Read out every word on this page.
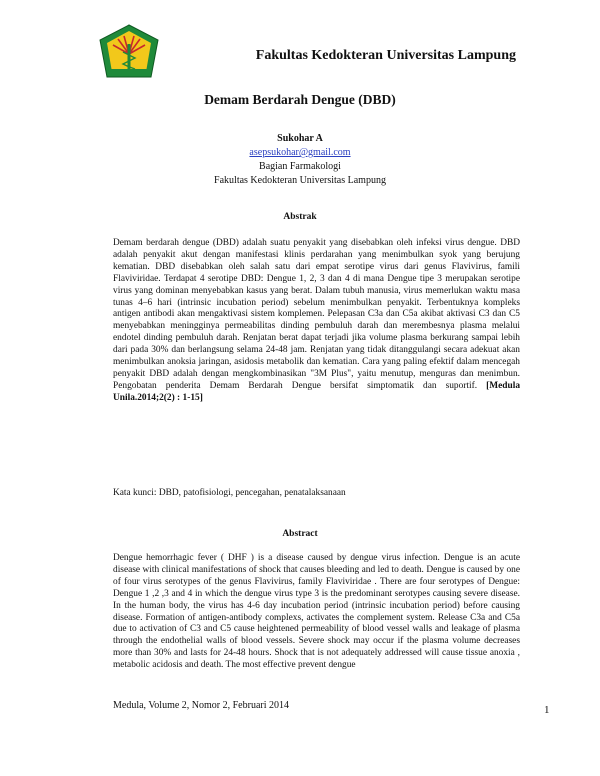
Fakultas Kedokteran Universitas Lampung
Demam Berdarah Dengue (DBD)
Sukohar A
asepsukohar@gmail.com
Bagian Farmakologi
Fakultas Kedokteran Universitas Lampung
Abstrak

Demam berdarah dengue (DBD) adalah suatu penyakit yang disebabkan oleh infeksi virus dengue. DBD adalah penyakit akut dengan manifestasi klinis perdarahan yang menimbulkan syok yang berujung kematian. DBD disebabkan oleh salah satu dari empat serotipe virus dari genus Flavivirus, famili Flaviviridae. Terdapat 4 serotipe DBD: Dengue 1, 2, 3 dan 4 di mana Dengue tipe 3 merupakan serotipe virus yang dominan menyebabkan kasus yang berat. Dalam tubuh manusia, virus memerlukan waktu masa tunas 4–6 hari (intrinsic incubation period) sebelum menimbulkan penyakit. Terbentuknya kompleks antigen antibodi akan mengaktivasi sistem komplemen. Pelepasan C3a dan C5a akibat aktivasi C3 dan C5 menyebabkan meningginya permeabilitas dinding pembuluh darah dan merembesnya plasma melalui endotel dinding pembuluh darah. Renjatan berat dapat terjadi jika volume plasma berkurang sampai lebih dari pada 30% dan berlangsung selama 24-48 jam. Renjatan yang tidak ditanggulangi secara adekuat akan menimbulkan anoksia jaringan, asidosis metabolik dan kematian. Cara yang paling efektif dalam mencegah penyakit DBD adalah dengan mengkombinasikan "3M Plus", yaitu menutup, menguras dan menimbun. Pengobatan penderita Demam Berdarah Dengue bersifat simptomatik dan suportif. [Medula Unila.2014;2(2) : 1-15]

Kata kunci: DBD, patofisiologi, pencegahan, penatalaksanaan
Abstract
Dengue hemorrhagic fever ( DHF ) is a disease caused by dengue virus infection. Dengue is an acute disease with clinical manifestations of shock that causes bleeding and led to death. Dengue is caused by one of four virus serotypes of the genus Flavivirus, family Flaviviridae . There are four serotypes of Dengue: Dengue 1 ,2 ,3 and 4 in which the dengue virus type 3 is the predominant serotypes causing severe disease. In the human body, the virus has 4-6 day incubation period (intrinsic incubation period) before causing disease. Formation of antigen-antibody complexs, activates the complement system. Release C3a and C5a due to activation of C3 and C5 cause heightened permeability of blood vessel walls and leakage of plasma through the endothelial walls of blood vessels. Severe shock may occur if the plasma volume decreases more than 30% and lasts for 24-48 hours. Shock that is not adequately addressed will cause tissue anoxia , metabolic acidosis and death. The most effective prevent dengue
Medula, Volume 2, Nomor 2, Februari 2014	1
